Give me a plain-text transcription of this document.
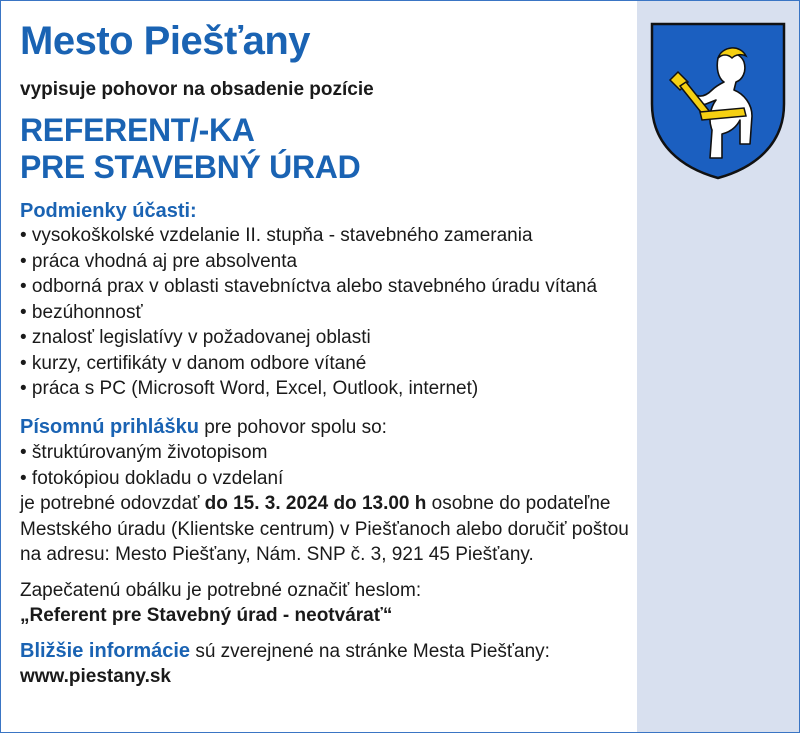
Mesto Piešťany
vypisuje pohovor na obsadenie pozície
REFERENT/-KA
PRE STAVEBNÝ ÚRAD
Podmienky účasti:
• vysokoškolské vzdelanie II. stupňa - stavebného zamerania
• práca vhodná aj pre absolventa
• odborná prax v oblasti stavebníctva alebo stavebného úradu vítaná
• bezúhonnosť
• znalosť legislatívy v požadovanej oblasti
• kurzy, certifikáty v danom odbore vítané
• práca s PC (Microsoft Word, Excel, Outlook, internet)
Písomnú prihlášku pre pohovor spolu so:
• štruktúrovaným životopisom
• fotokópiou dokladu o vzdelaní
je potrebné odovzdať do 15. 3. 2024 do 13.00 h osobne do podateľne
Mestského úradu (Klientske centrum) v Piešťanoch alebo doručiť poštou
na adresu: Mesto Piešťany, Nám. SNP č. 3, 921 45 Piešťany.
Zapečatenú obálku je potrebné označiť heslom:
„Referent pre Stavebný úrad - neotvárať“
Bližšie informácie sú zverejnené na stránke Mesta Piešťany:
www.piestany.sk
